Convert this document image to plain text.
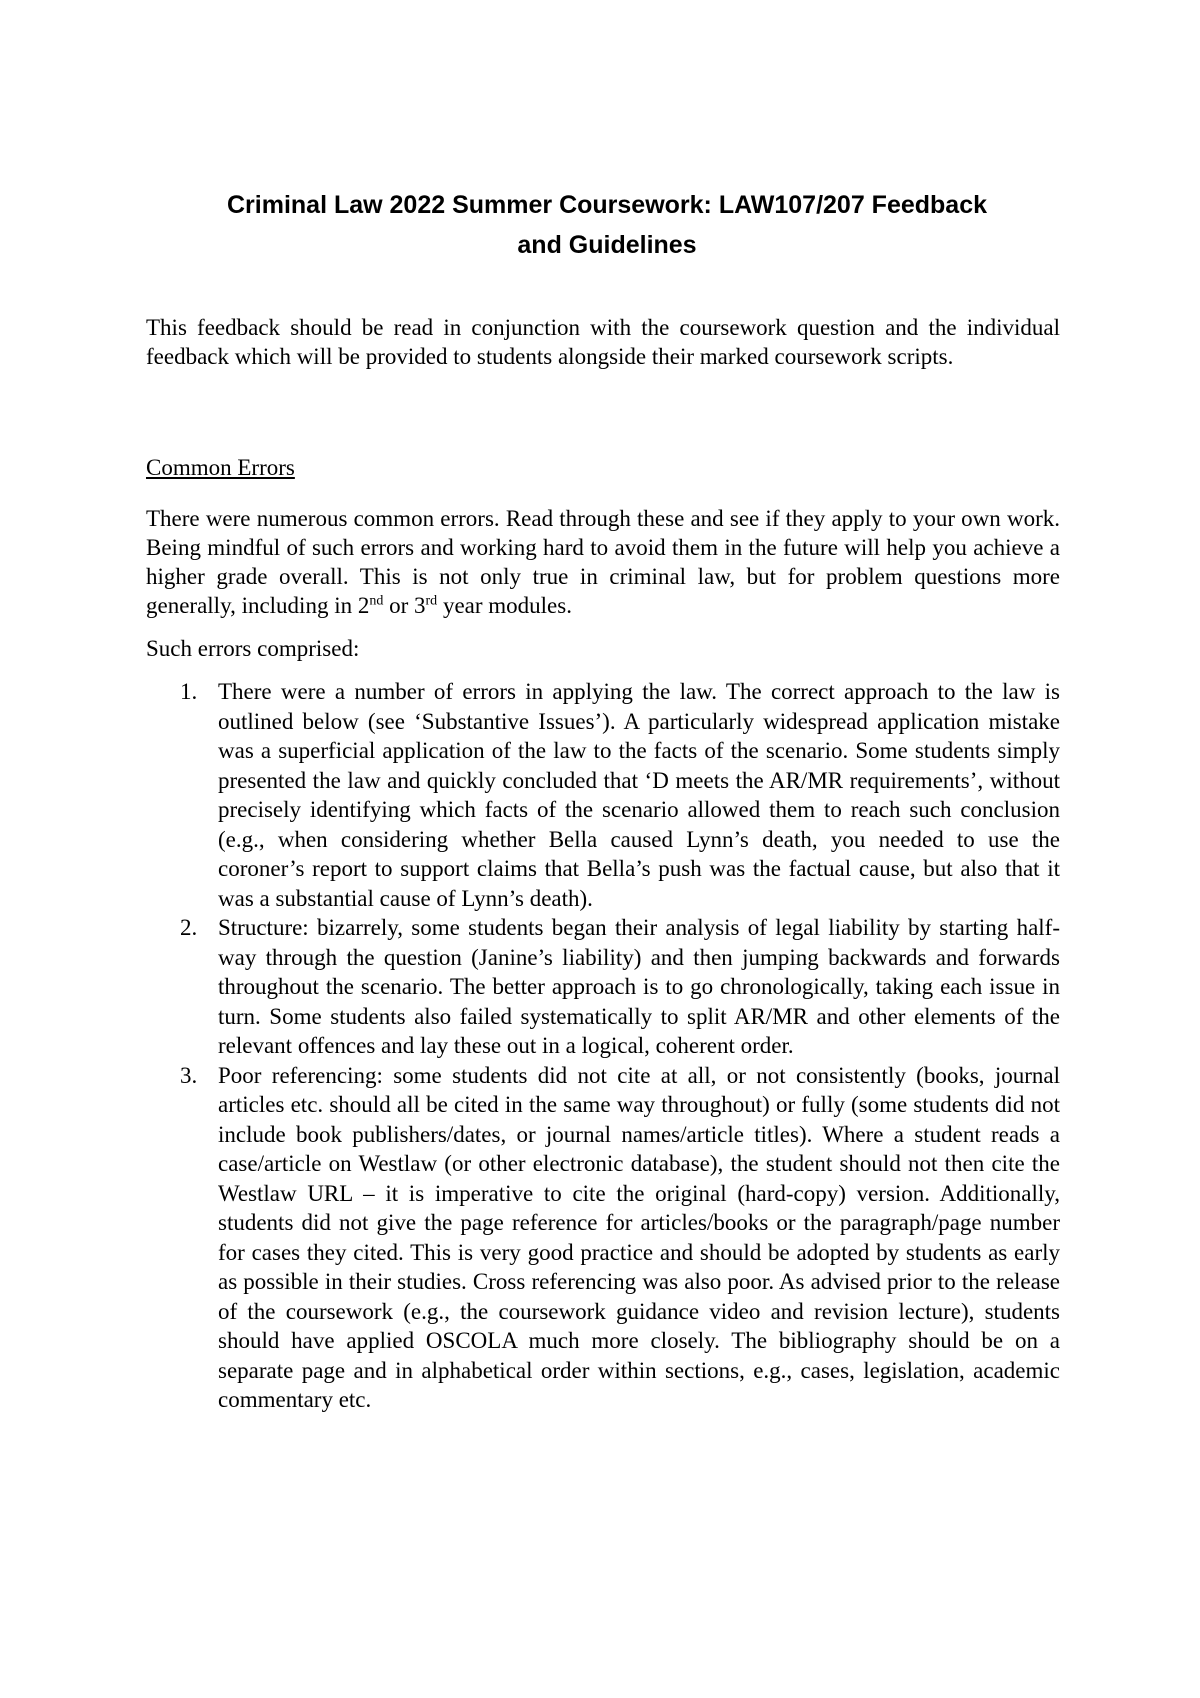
Criminal Law 2022 Summer Coursework: LAW107/207 Feedback
and Guidelines

This feedback should be read in conjunction with the coursework question and the individual feedback which will be provided to students alongside their marked coursework scripts.

Common Errors

There were numerous common errors. Read through these and see if they apply to your own work. Being mindful of such errors and working hard to avoid them in the future will help you achieve a higher grade overall. This is not only true in criminal law, but for problem questions more generally, including in 2nd or 3rd year modules.

Such errors comprised:

1. There were a number of errors in applying the law. The correct approach to the law is outlined below (see ‘Substantive Issues’). A particularly widespread application mistake was a superficial application of the law to the facts of the scenario. Some students simply presented the law and quickly concluded that ‘D meets the AR/MR requirements’, without precisely identifying which facts of the scenario allowed them to reach such conclusion (e.g., when considering whether Bella caused Lynn’s death, you needed to use the coroner’s report to support claims that Bella’s push was the factual cause, but also that it was a substantial cause of Lynn’s death).
2. Structure: bizarrely, some students began their analysis of legal liability by starting half-way through the question (Janine’s liability) and then jumping backwards and forwards throughout the scenario. The better approach is to go chronologically, taking each issue in turn. Some students also failed systematically to split AR/MR and other elements of the relevant offences and lay these out in a logical, coherent order.
3. Poor referencing: some students did not cite at all, or not consistently (books, journal articles etc. should all be cited in the same way throughout) or fully (some students did not include book publishers/dates, or journal names/article titles). Where a student reads a case/article on Westlaw (or other electronic database), the student should not then cite the Westlaw URL – it is imperative to cite the original (hard-copy) version. Additionally, students did not give the page reference for articles/books or the paragraph/page number for cases they cited. This is very good practice and should be adopted by students as early as possible in their studies. Cross referencing was also poor. As advised prior to the release of the coursework (e.g., the coursework guidance video and revision lecture), students should have applied OSCOLA much more closely. The bibliography should be on a separate page and in alphabetical order within sections, e.g., cases, legislation, academic commentary etc.
